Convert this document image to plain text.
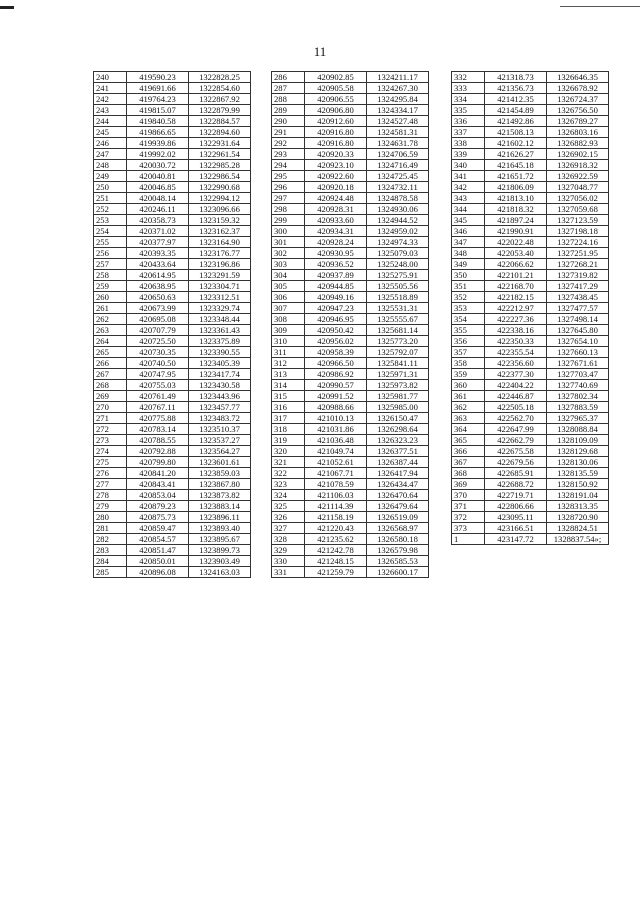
11
240	419590.23	1322828.25
241	419691.66	1322854.60
242	419764.23	1322867.92
243	419815.07	1322879.99
244	419840.58	1322884.57
245	419866.65	1322894.60
246	419939.86	1322931.64
247	419992.02	1322961.54
248	420030.72	1322985.28
249	420040.81	1322986.54
250	420046.85	1322990.68
251	420048.14	1322994.12
252	420246.11	1323096.66
253	420358.73	1323159.32
254	420371.02	1323162.37
255	420377.97	1323164.90
256	420393.35	1323176.77
257	420433.64	1323196.86
258	420614.95	1323291.59
259	420638.95	1323304.71
260	420650.63	1323312.51
261	420673.99	1323329.74
262	420695.08	1323348.44
263	420707.79	1323361.43
264	420725.50	1323375.89
265	420730.35	1323390.55
266	420740.50	1323405.39
267	420747.95	1323417.74
268	420755.03	1323430.58
269	420761.49	1323443.96
270	420767.11	1323457.77
271	420775.88	1323483.72
272	420783.14	1323510.37
273	420788.55	1323537.27
274	420792.88	1323564.27
275	420799.80	1323601.61
276	420841.20	1323859.03
277	420843.41	1323867.80
278	420853.04	1323873.82
279	420879.23	1323883.14
280	420875.73	1323896.11
281	420859.47	1323893.40
282	420854.57	1323895.67
283	420851.47	1323899.73
284	420850.01	1323903.49
285	420896.08	1324163.03
286	420902.85	1324211.17
287	420905.58	1324267.30
288	420906.55	1324295.84
289	420906.80	1324334.17
290	420912.60	1324527.48
291	420916.80	1324581.31
292	420916.80	1324631.78
293	420920.33	1324706.59
294	420923.10	1324716.49
295	420922.60	1324725.45
296	420920.18	1324732.11
297	420924.48	1324878.58
298	420928.31	1324930.06
299	420933.60	1324944.52
300	420934.31	1324959.02
301	420928.24	1324974.33
302	420930.95	1325079.03
303	420936.52	1325248.00
304	420937.89	1325275.91
305	420944.85	1325505.56
306	420949.16	1325518.89
307	420947.23	1325531.31
308	420946.95	1325555.67
309	420950.42	1325681.14
310	420956.02	1325773.20
311	420958.39	1325792.07
312	420966.50	1325841.11
313	420986.92	1325971.31
314	420990.57	1325973.82
315	420991.52	1325981.77
316	420988.66	1325985.00
317	421010.13	1326150.47
318	421031.86	1326298.64
319	421036.48	1326323.23
320	421049.74	1326377.51
321	421052.61	1326387.44
322	421067.71	1326417.94
323	421078.59	1326434.47
324	421106.03	1326470.64
325	421114.39	1326479.64
326	421158.19	1326519.09
327	421220.43	1326568.97
328	421235.62	1326580.18
329	421242.78	1326579.98
330	421248.15	1326585.53
331	421259.79	1326600.17
332	421318.73	1326646.35
333	421356.73	1326678.92
334	421412.35	1326724.37
335	421454.89	1326756.50
336	421492.86	1326789.27
337	421508.13	1326803.16
338	421602.12	1326882.93
339	421626.27	1326902.15
340	421645.18	1326918.32
341	421651.72	1326922.59
342	421806.09	1327048.77
343	421813.10	1327056.02
344	421818.32	1327059.68
345	421897.24	1327123.59
346	421990.91	1327198.18
347	422022.48	1327224.16
348	422053.40	1327251.95
349	422066.62	1327268.21
350	422101.21	1327319.82
351	422168.70	1327417.29
352	422182.15	1327438.45
353	422212.97	1327477.57
354	422227.36	1327498.14
355	422338.16	1327645.80
356	422350.33	1327654.10
357	422355.54	1327660.13
358	422356.60	1327671.61
359	422377.30	1327703.47
360	422404.22	1327740.69
361	422446.87	1327802.34
362	422505.18	1327883.59
363	422562.70	1327965.37
364	422647.99	1328088.84
365	422662.79	1328109.09
366	422675.58	1328129.68
367	422679.56	1328130.06
368	422685.91	1328135.59
369	422688.72	1328150.92
370	422719.71	1328191.04
371	422806.66	1328313.35
372	423095.11	1328720.90
373	423166.51	1328824.51
1	423147.72	1328837.54»;
